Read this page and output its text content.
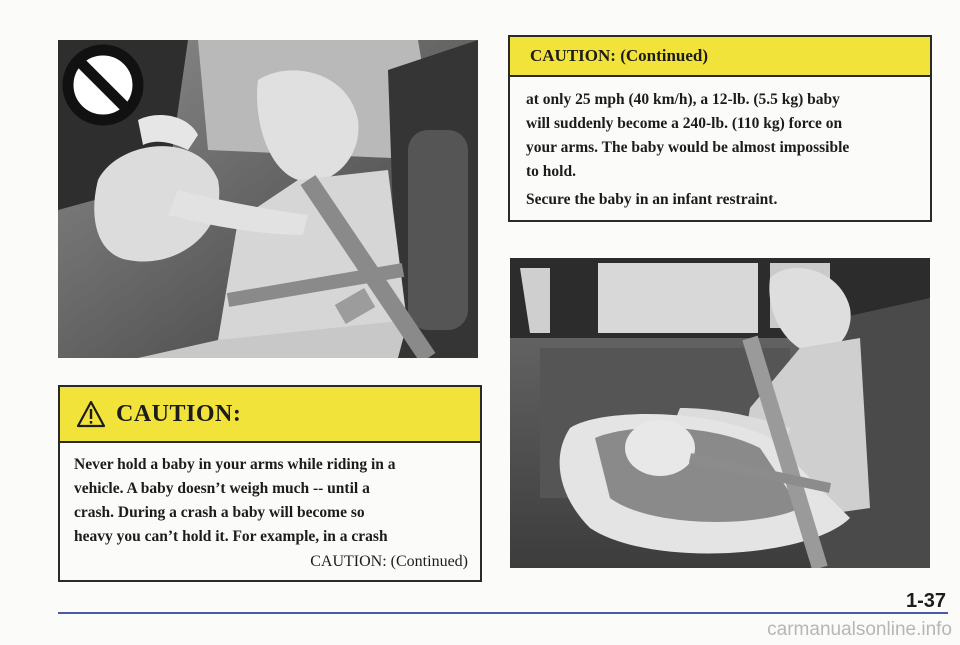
CAUTION:
Never hold a baby in your arms while riding in a
vehicle. A baby doesn’t weigh much -- until a
crash. During a crash a baby will become so
heavy you can’t hold it. For example, in a crash
CAUTION: (Continued)
CAUTION: (Continued)
at only 25 mph (40 km/h), a 12-lb. (5.5 kg) baby
will suddenly become a 240-lb. (110 kg) force on
your arms. The baby would be almost impossible
to hold.
Secure the baby in an infant restraint.
1-37
carmanualsonline.info
